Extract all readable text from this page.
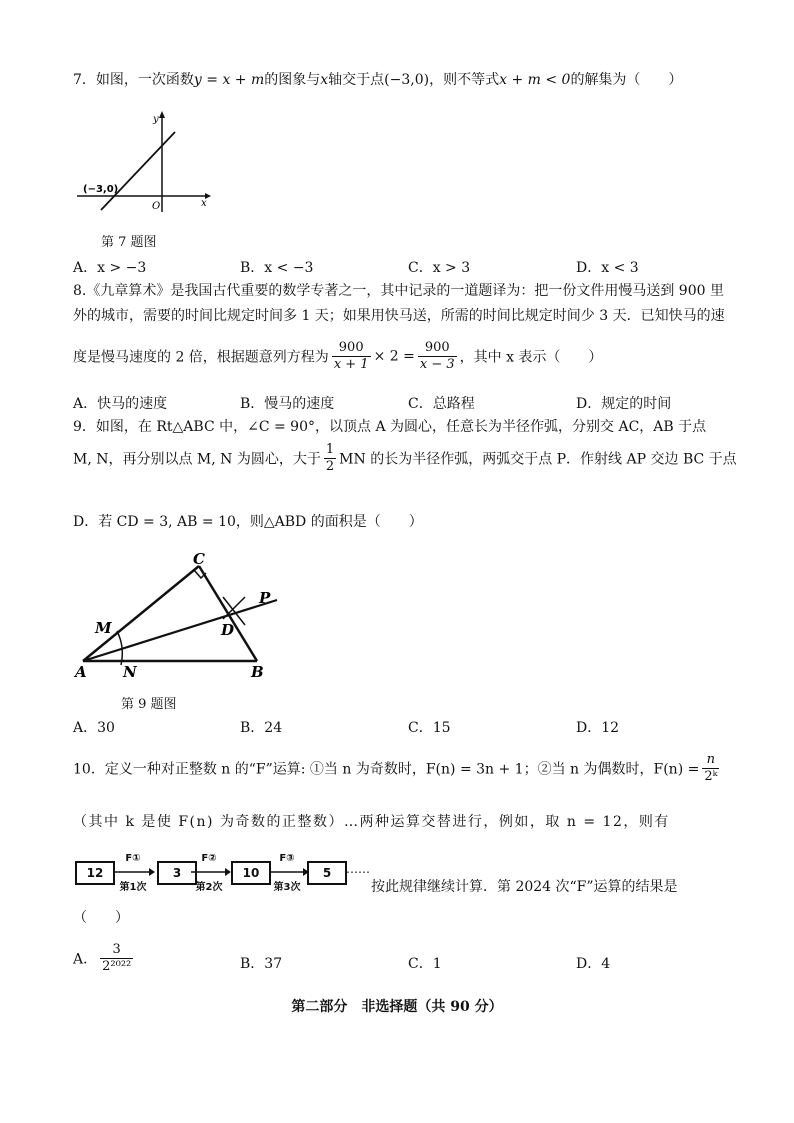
7．如图，一次函数y = x + m的图象与x轴交于点(−3,0)，则不等式x + m < 0的解集为（　　）
(−3,0)
O	x
y
第 7 题图
A．x > −3	B．x < −3	C．x > 3	D．x < 3
8.《九章算术》是我国古代重要的数学专著之一，其中记录的一道题译为：把一份文件用慢马送到 900 里
外的城市，需要的时间比规定时间多 1 天；如果用快马送，所需的时间比规定时间少 3 天．已知快马的速
度是慢马速度的 2 倍，根据题意列方程为 $\frac{900}{x + 1} \times 2 = \frac{900}{x - 3}$ ，其中 x 表示（　　）
A．快马的速度	B．慢马的速度	C．总路程	D．规定的时间
9．如图，在 Rt△ABC 中，∠C = 90°，以顶点 A 为圆心，任意长为半径作弧，分别交 AC，AB 于点
M, N，再分别以点 M, N 为圆心，大于 $\frac{1}{2}$ MN 的长为半径作弧，两弧交于点 P．作射线 AP 交边 BC 于点
D．若 CD = 3, AB = 10，则△ABD 的面积是（　　）
A	B
C
D
M
N
P
第 9 题图
A．30	B．24	C．15	D．12
10．定义一种对正整数 n 的“F”运算: ①当 n 为奇数时，F(n) = 3n + 1；②当 n 为偶数时，$F(n) = \frac{n}{\text{2ᵏ}}$
（其中 k 是使 F(n) 为奇数的正整数）…两种运算交替进行，例如，取 n = 12，则有
12
F①
第1次
3
F②
第2次
10
F③
第3次
5	……
按此规律继续计算．第 2024 次“F”运算的结果是
（　　）
A． $\frac{3}{\text{2²⁰²²}}$	B．37	C．1	D．4
第二部分　非选择题（共 90 分）
